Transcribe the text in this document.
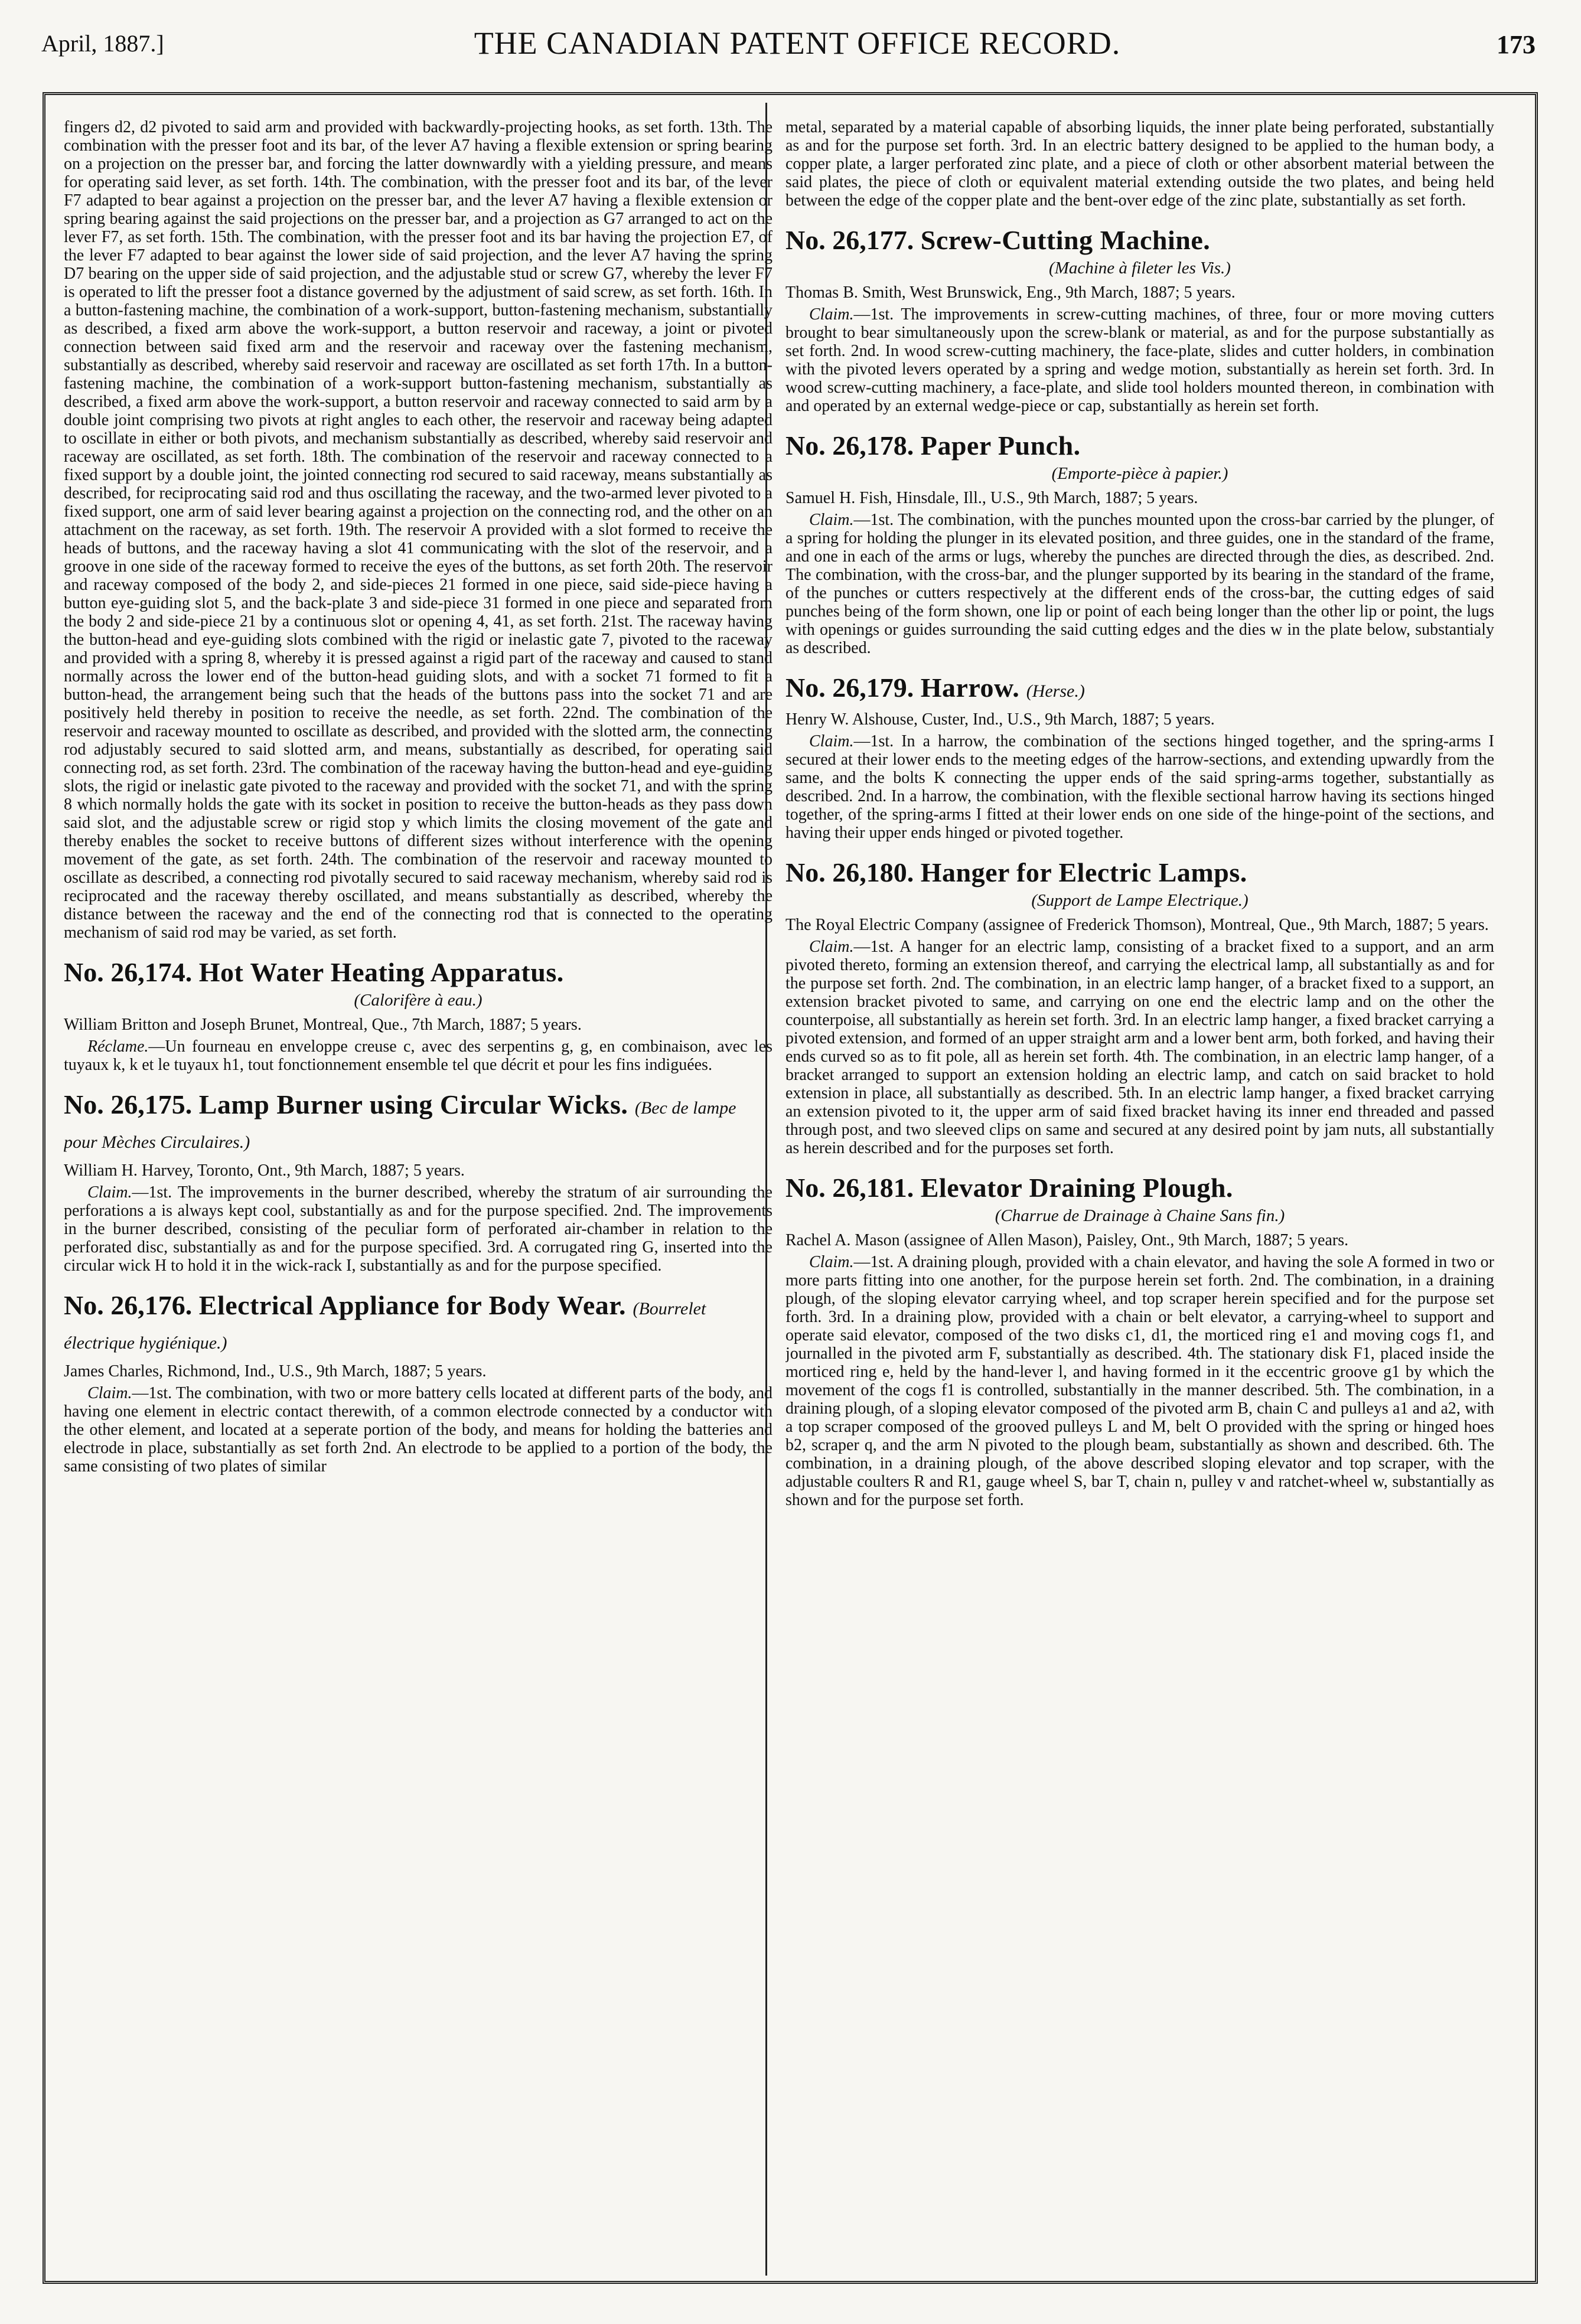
April, 1887.]	THE CANADIAN PATENT OFFICE RECORD.	173

fingers d2, d2 pivoted to said arm and provided with backwardly-projecting hooks, as set forth. 13th. The combination with the presser foot and its bar, of the lever A7 having a flexible extension or spring bearing on a projection on the presser bar, and forcing the latter downwardly with a yielding pressure, and means for operating said lever, as set forth. 14th. The combination, with the presser foot and its bar, of the lever F7 adapted to bear against a projection on the presser bar, and the lever A7 having a flexible extension or spring bearing against the said projections on the presser bar, and a projection as G7 arranged to act on the lever F7, as set forth. 15th. The combination, with the presser foot and its bar having the projection E7, of the lever F7 adapted to bear against the lower side of said projection, and the lever A7 having the spring D7 bearing on the upper side of said projection, and the adjustable stud or screw G7, whereby the lever F7 is operated to lift the presser foot a distance governed by the adjustment of said screw, as set forth. 16th. In a button-fastening machine, the combination of a work-support, button-fastening mechanism, substantially as described, a fixed arm above the work-support, a button reservoir and raceway, a joint or pivoted connection between said fixed arm and the reservoir and raceway over the fastening mechanism, substantially as described, whereby said reservoir and raceway are oscillated as set forth 17th. In a button-fastening machine, the combination of a work-support button-fastening mechanism, substantially as described, a fixed arm above the work-support, a button reservoir and raceway connected to said arm by a double joint comprising two pivots at right angles to each other, the reservoir and raceway being adapted to oscillate in either or both pivots, and mechanism substantially as described, whereby said reservoir and raceway are oscillated, as set forth. 18th. The combination of the reservoir and raceway connected to a fixed support by a double joint, the jointed connecting rod secured to said raceway, means substantially as described, for reciprocating said rod and thus oscillating the raceway, and the two-armed lever pivoted to a fixed support, one arm of said lever bearing against a projection on the connecting rod, and the other on an attachment on the raceway, as set forth. 19th. The reservoir A provided with a slot formed to receive the heads of buttons, and the raceway having a slot 41 communicating with the slot of the reservoir, and a groove in one side of the raceway formed to receive the eyes of the buttons, as set forth 20th. The reservoir and raceway composed of the body 2, and side-pieces 21 formed in one piece, said side-piece having a button eye-guiding slot 5, and the back-plate 3 and side-piece 31 formed in one piece and separated from the body 2 and side-piece 21 by a continuous slot or opening 4, 41, as set forth. 21st. The raceway having the button-head and eye-guiding slots combined with the rigid or inelastic gate 7, pivoted to the raceway and provided with a spring 8, whereby it is pressed against a rigid part of the raceway and caused to stand normally across the lower end of the button-head guiding slots, and with a socket 71 formed to fit a button-head, the arrangement being such that the heads of the buttons pass into the socket 71 and are positively held thereby in position to receive the needle, as set forth. 22nd. The combination of the reservoir and raceway mounted to oscillate as described, and provided with the slotted arm, the connecting rod adjustably secured to said slotted arm, and means, substantially as described, for operating said connecting rod, as set forth. 23rd. The combination of the raceway having the button-head and eye-guiding slots, the rigid or inelastic gate pivoted to the raceway and provided with the socket 71, and with the spring 8 which normally holds the gate with its socket in position to receive the button-heads as they pass down said slot, and the adjustable screw or rigid stop y which limits the closing movement of the gate and thereby enables the socket to receive buttons of different sizes without interference with the opening movement of the gate, as set forth. 24th. The combination of the reservoir and raceway mounted to oscillate as described, a connecting rod pivotally secured to said raceway mechanism, whereby said rod is reciprocated and the raceway thereby oscillated, and means substantially as described, whereby the distance between the raceway and the end of the connecting rod that is connected to the operating mechanism of said rod may be varied, as set forth.

No. 26,174. Hot Water Heating Apparatus.
(Calorifère à eau.)

William Britton and Joseph Brunet, Montreal, Que., 7th March, 1887; 5 years.

Réclame.—Un fourneau en enveloppe creuse c, avec des serpentins g, g, en combinaison, avec les tuyaux k, k et le tuyaux h1, tout fonctionnement ensemble tel que décrit et pour les fins indiguées.

No. 26,175. Lamp Burner using Circular Wicks. (Bec de lampe pour Mèches Circulaires.)

William H. Harvey, Toronto, Ont., 9th March, 1887; 5 years.

Claim.—1st. The improvements in the burner described, whereby the stratum of air surrounding the perforations a is always kept cool, substantially as and for the purpose specified. 2nd. The improvements in the burner described, consisting of the peculiar form of perforated air-chamber in relation to the perforated disc, substantially as and for the purpose specified. 3rd. A corrugated ring G, inserted into the circular wick H to hold it in the wick-rack I, substantially as and for the purpose specified.

No. 26,176. Electrical Appliance for Body Wear. (Bourrelet électrique hygiénique.)

James Charles, Richmond, Ind., U.S., 9th March, 1887; 5 years.

Claim.—1st. The combination, with two or more battery cells located at different parts of the body, and having one element in electric contact therewith, of a common electrode connected by a conductor with the other element, and located at a seperate portion of the body, and means for holding the batteries and electrode in place, substantially as set forth 2nd. An electrode to be applied to a portion of the body, the same consisting of two plates of similar

metal, separated by a material capable of absorbing liquids, the inner plate being perforated, substantially as and for the purpose set forth. 3rd. In an electric battery designed to be applied to the human body, a copper plate, a larger perforated zinc plate, and a piece of cloth or other absorbent material between the said plates, the piece of cloth or equivalent material extending outside the two plates, and being held between the edge of the copper plate and the bent-over edge of the zinc plate, substantially as set forth.

No. 26,177. Screw-Cutting Machine.
(Machine à fileter les Vis.)

Thomas B. Smith, West Brunswick, Eng., 9th March, 1887; 5 years.

Claim.—1st. The improvements in screw-cutting machines, of three, four or more moving cutters brought to bear simultaneously upon the screw-blank or material, as and for the purpose substantially as set forth. 2nd. In wood screw-cutting machinery, the face-plate, slides and cutter holders, in combination with the pivoted levers operated by a spring and wedge motion, substantially as herein set forth. 3rd. In wood screw-cutting machinery, a face-plate, and slide tool holders mounted thereon, in combination with and operated by an external wedge-piece or cap, substantially as herein set forth.

No. 26,178. Paper Punch.
(Emporte-pièce à papier.)

Samuel H. Fish, Hinsdale, Ill., U.S., 9th March, 1887; 5 years.

Claim.—1st. The combination, with the punches mounted upon the cross-bar carried by the plunger, of a spring for holding the plunger in its elevated position, and three guides, one in the standard of the frame, and one in each of the arms or lugs, whereby the punches are directed through the dies, as described. 2nd. The combination, with the cross-bar, and the plunger supported by its bearing in the standard of the frame, of the punches or cutters respectively at the different ends of the cross-bar, the cutting edges of said punches being of the form shown, one lip or point of each being longer than the other lip or point, the lugs with openings or guides surrounding the said cutting edges and the dies w in the plate below, substantialy as described.

No. 26,179. Harrow. (Herse.)

Henry W. Alshouse, Custer, Ind., U.S., 9th March, 1887; 5 years.

Claim.—1st. In a harrow, the combination of the sections hinged together, and the spring-arms I secured at their lower ends to the meeting edges of the harrow-sections, and extending upwardly from the same, and the bolts K connecting the upper ends of the said spring-arms together, substantially as described. 2nd. In a harrow, the combination, with the flexible sectional harrow having its sections hinged together, of the spring-arms I fitted at their lower ends on one side of the hinge-point of the sections, and having their upper ends hinged or pivoted together.

No. 26,180. Hanger for Electric Lamps.
(Support de Lampe Electrique.)

The Royal Electric Company (assignee of Frederick Thomson), Montreal, Que., 9th March, 1887; 5 years.

Claim.—1st. A hanger for an electric lamp, consisting of a bracket fixed to a support, and an arm pivoted thereto, forming an extension thereof, and carrying the electrical lamp, all substantially as and for the purpose set forth. 2nd. The combination, in an electric lamp hanger, of a bracket fixed to a support, an extension bracket pivoted to same, and carrying on one end the electric lamp and on the other the counterpoise, all substantially as herein set forth. 3rd. In an electric lamp hanger, a fixed bracket carrying a pivoted extension, and formed of an upper straight arm and a lower bent arm, both forked, and having their ends curved so as to fit pole, all as herein set forth. 4th. The combination, in an electric lamp hanger, of a bracket arranged to support an extension holding an electric lamp, and catch on said bracket to hold extension in place, all substantially as described. 5th. In an electric lamp hanger, a fixed bracket carrying an extension pivoted to it, the upper arm of said fixed bracket having its inner end threaded and passed through post, and two sleeved clips on same and secured at any desired point by jam nuts, all substantially as herein described and for the purposes set forth.

No. 26,181. Elevator Draining Plough.
(Charrue de Drainage à Chaine Sans fin.)

Rachel A. Mason (assignee of Allen Mason), Paisley, Ont., 9th March, 1887; 5 years.

Claim.—1st. A draining plough, provided with a chain elevator, and having the sole A formed in two or more parts fitting into one another, for the purpose herein set forth. 2nd. The combination, in a draining plough, of the sloping elevator carrying wheel, and top scraper herein specified and for the purpose set forth. 3rd. In a draining plow, provided with a chain or belt elevator, a carrying-wheel to support and operate said elevator, composed of the two disks c1, d1, the morticed ring e1 and moving cogs f1, and journalled in the pivoted arm F, substantially as described. 4th. The stationary disk F1, placed inside the morticed ring e, held by the hand-lever l, and having formed in it the eccentric groove g1 by which the movement of the cogs f1 is controlled, substantially in the manner described. 5th. The combination, in a draining plough, of a sloping elevator composed of the pivoted arm B, chain C and pulleys a1 and a2, with a top scraper composed of the grooved pulleys L and M, belt O provided with the spring or hinged hoes b2, scraper q, and the arm N pivoted to the plough beam, substantially as shown and described. 6th. The combination, in a draining plough, of the above described sloping elevator and top scraper, with the adjustable coulters R and R1, gauge wheel S, bar T, chain n, pulley v and ratchet-wheel w, substantially as shown and for the purpose set forth.
